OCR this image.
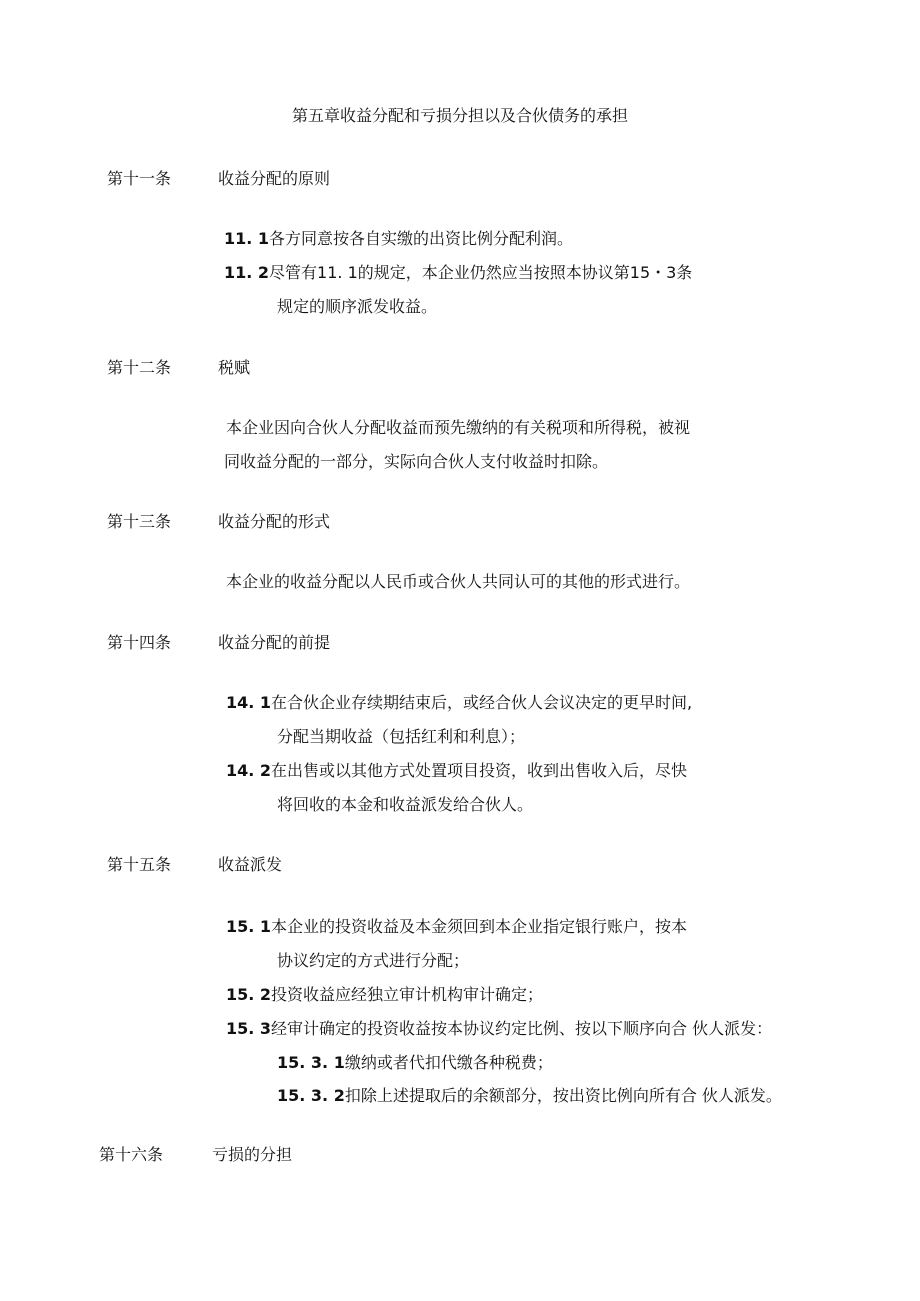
第五章收益分配和亏损分担以及合伙债务的承担
第十一条	收益分配的原则
11. 1各方同意按各自实缴的出资比例分配利润。
11. 2尽管有11. 1的规定，本企业仍然应当按照本协议第15・3条
规定的顺序派发收益。
第十二条	税赋
本企业因向合伙人分配收益而预先缴纳的有关税项和所得税，被视
同收益分配的一部分，实际向合伙人支付收益时扣除。
第十三条	收益分配的形式
本企业的收益分配以人民币或合伙人共同认可的其他的形式进行。
第十四条	收益分配的前提
14. 1在合伙企业存续期结束后，或经合伙人会议决定的更早时间,
分配当期收益（包括红利和利息）；
14. 2在出售或以其他方式处置项目投资，收到出售收入后，尽快
将回收的本金和收益派发给合伙人。
第十五条	收益派发
15. 1本企业的投资收益及本金须回到本企业指定银行账户，按本
协议约定的方式进行分配；
15. 2投资收益应经独立审计机构审计确定；
15. 3经审计确定的投资收益按本协议约定比例、按以下顺序向合 伙人派发：
15. 3. 1缴纳或者代扣代缴各种税费；
15. 3. 2扣除上述提取后的余额部分，按出资比例向所有合 伙人派发。
第十六条	亏损的分担
